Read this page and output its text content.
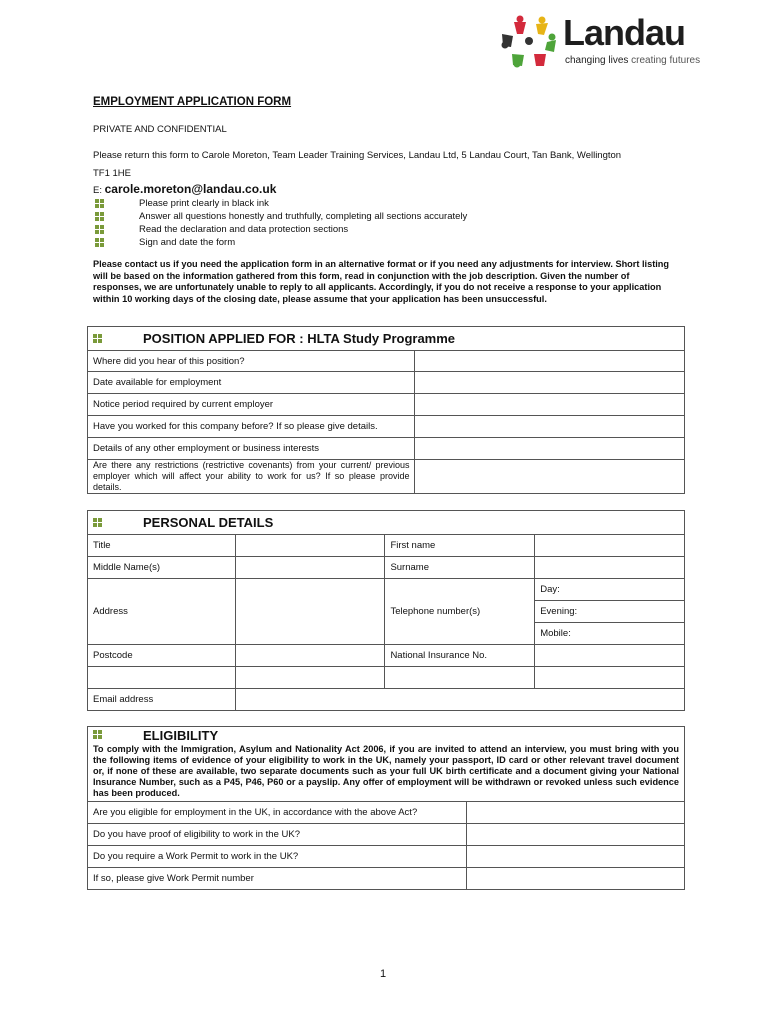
Landau
changing lives creating futures
EMPLOYMENT APPLICATION FORM
PRIVATE AND CONFIDENTIAL
Please return this form to Carole Moreton, Team Leader Training Services, Landau Ltd, 5 Landau Court, Tan Bank, Wellington
TF1 1HE
E: carole.moreton@landau.co.uk
Please print clearly in black ink
Answer all questions honestly and truthfully, completing all sections accurately
Read the declaration and data protection sections
Sign and date the form
Please contact us if you need the application form in an alternative format or if you need any adjustments for interview. Short listing will be based on the information gathered from this form, read in conjunction with the job description. Given the number of responses, we are unfortunately unable to reply to all applicants. Accordingly, if you do not receive a response to your application within 10 working days of the closing date, please assume that your application has been unsuccessful.
POSITION APPLIED FOR : HLTA Study Programme	

Where did you hear of this position?	
Date available for employment	
Notice period required by current employer	
Have you worked for this company before? If so please give details.	
Details of any other employment or business interests	
Are there any restrictions (restrictive covenants) from your current/ previous employer which will affect your ability to work for us? If so please provide details.	
PERSONAL DETAILS			

Title		First name	
Middle Name(s)		Surname	
Address		Telephone number(s)	Day:
			Evening:
			Mobile:
Postcode		National Insurance No.	

Email address			
ELIGIBILITY
To comply with the Immigration, Asylum and Nationality Act 2006, if you are invited to attend an interview, you must bring with you the following items of evidence of your eligibility to work in the UK, namely your passport, ID card or other relevant travel document or, if none of these are available, two separate documents such as your full UK birth certificate and a document giving your National Insurance Number, such as a P45, P46, P60 or a payslip. Any offer of employment will be withdrawn or revoked unless such evidence has been produced.	

Are you eligible for employment in the UK, in accordance with the above Act?	
Do you have proof of eligibility to work in the UK?	
Do you require a Work Permit to work in the UK?	
If so, please give Work Permit number	
1
